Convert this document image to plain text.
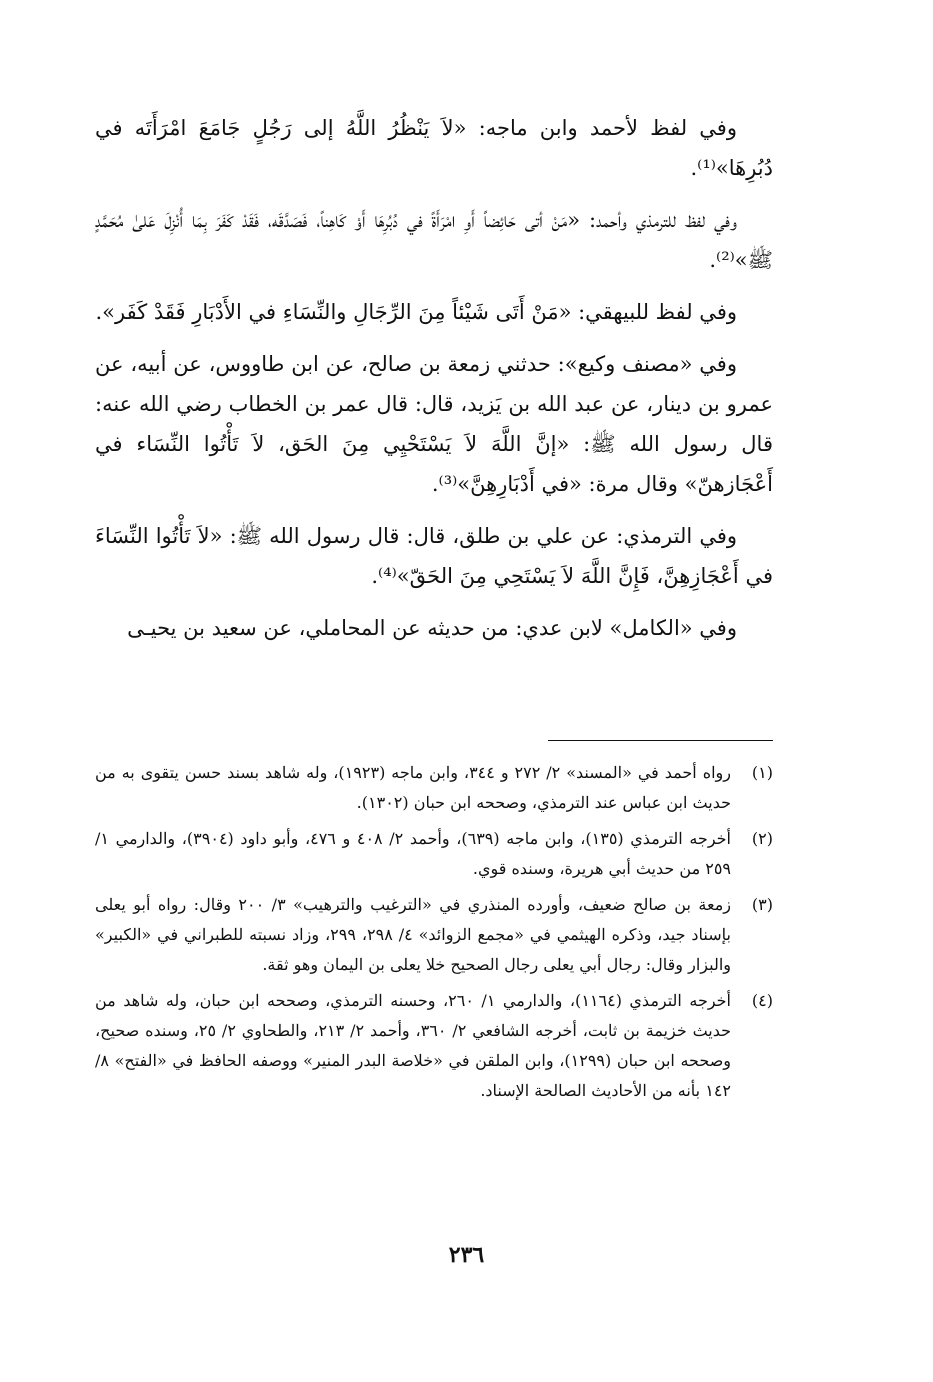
وفي لفظ لأحمد وابن ماجه: «لاَ يَنْظُرُ اللَّهُ إلى رَجُلٍ جَامَعَ امْرَأَتَه في دُبُرِهَا»⁽¹⁾.

وفي لفظ للترمذي وأحمد: «مَنْ أتى حَائِضاً أَوِ امْرَأَةً في دُبُرِهَا أَوْ كَاهِناً، فَصَدَّقَه، فَقَدْ كَفَرَ بِمَا أُنْزِلَ عَلىٰ مُحَمَّدٍ ﷺ»⁽²⁾.

وفي لفظ للبيهقي: «مَنْ أَتَى شَيْئاً مِنَ الرِّجَالِ والنِّسَاءِ في الأَدْبَارِ فَقَدْ كَفَر».

وفي «مصنف وكيع»: حدثني زمعة بن صالح، عن ابن طاووس، عن أبيه، عن عمرو بن دينار، عن عبد الله بن يَزيد، قال: قال عمر بن الخطاب رضي الله عنه: قال رسول الله ﷺ: «إنَّ اللَّهَ لاَ يَسْتَحْيِي مِنَ الحَق، لاَ تَأْتُوا النِّسَاء في أَعْجَازهنّ» وقال مرة: «في أَدْبَارِهِنَّ»⁽³⁾.

وفي الترمذي: عن علي بن طلق، قال: قال رسول الله ﷺ: «لاَ تَأْتُوا النِّسَاءَ في أَعْجَازِهِنَّ، فَإِنَّ اللَّهَ لاَ يَسْتَحِي مِنَ الحَقّ»⁽⁴⁾.

وفي «الكامل» لابن عدي: من حديثه عن المحاملي، عن سعيد بن يحيـى

(١)
رواه أحمد في «المسند» ٢/ ٢٧٢ و ٣٤٤، وابن ماجه (١٩٢٣)، وله شاهد بسند حسن يتقوى به من حديث ابن عباس عند الترمذي، وصححه ابن حبان (١٣٠٢).
(٢)
أخرجه الترمذي (١٣٥)، وابن ماجه (٦٣٩)، وأحمد ٢/ ٤٠٨ و ٤٧٦، وأبو داود (٣٩٠٤)، والدارمي ١/ ٢٥٩ من حديث أبي هريرة، وسنده قوي.
(٣)
زمعة بن صالح ضعيف، وأورده المنذري في «الترغيب والترهيب» ٣/ ٢٠٠ وقال: رواه أبو يعلى بإسناد جيد، وذكره الهيثمي في «مجمع الزوائد» ٤/ ٢٩٨، ٢٩٩، وزاد نسبته للطبراني في «الكبير» والبزار وقال: رجال أبي يعلى رجال الصحيح خلا يعلى بن اليمان وهو ثقة.
(٤)
أخرجه الترمذي (١١٦٤)، والدارمي ١/ ٢٦٠، وحسنه الترمذي، وصححه ابن حبان، وله شاهد من حديث خزيمة بن ثابت، أخرجه الشافعي ٢/ ٣٦٠، وأحمد ٢/ ٢١٣، والطحاوي ٢/ ٢٥، وسنده صحيح، وصححه ابن حبان (١٢٩٩)، وابن الملقن في «خلاصة البدر المنير» ووصفه الحافظ في «الفتح» ٨/ ١٤٢ بأنه من الأحاديث الصالحة الإسناد.
٢٣٦
